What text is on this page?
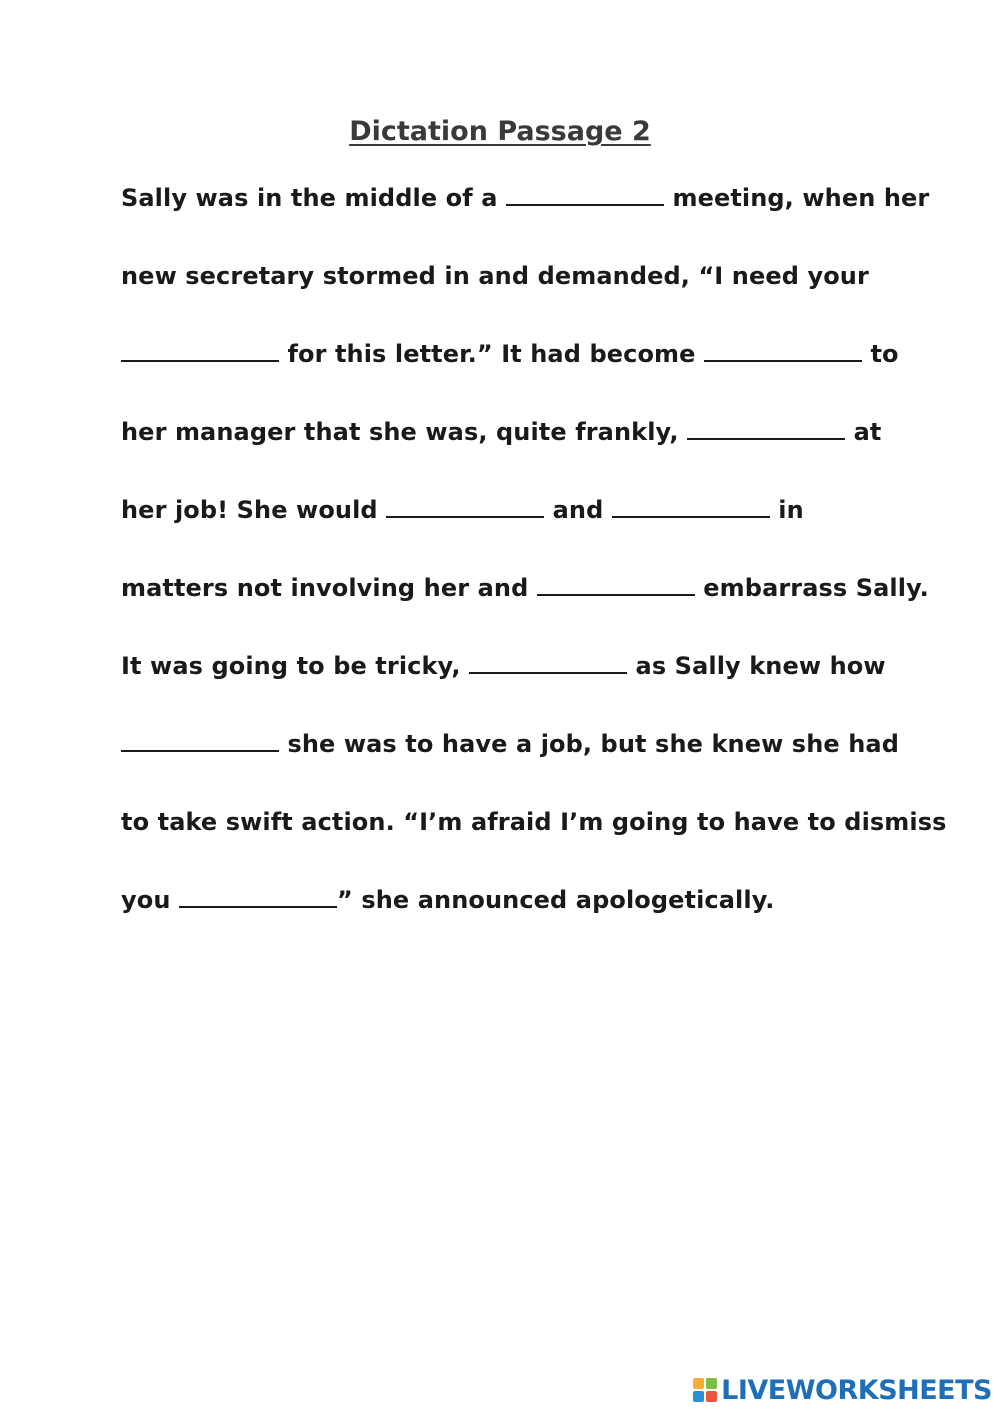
Dictation Passage 2
Sally was in the middle of a	meeting, when her
new secretary stormed in and demanded, “I need your
for this letter.” It had become	to
her manager that she was, quite frankly,	at
her job! She would	and	in
matters not involving her and	embarrass Sally.
It was going to be tricky,	as Sally knew how
she was to have a job, but she knew she had
to take swift action. “I’m afraid I’m going to have to dismiss
you	” she announced apologetically.
LIVEWORKSHEETS
